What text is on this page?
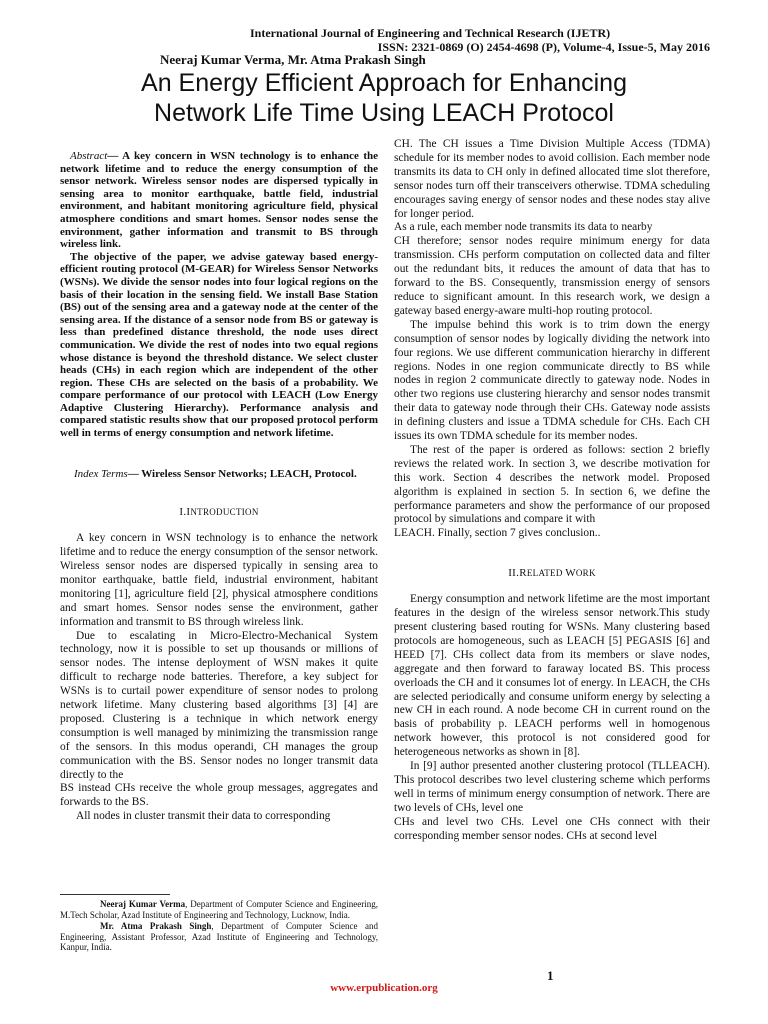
International Journal of Engineering and Technical Research (IJETR)
ISSN: 2321-0869 (O) 2454-4698 (P), Volume-4, Issue-5, May 2016
Neeraj Kumar Verma, Mr. Atma Prakash Singh
An Energy Efficient Approach for Enhancing
Network Life Time Using LEACH Protocol

Abstract— A key concern in WSN technology is to enhance the network lifetime and to reduce the energy consumption of the sensor network. Wireless sensor nodes are dispersed typically in sensing area to monitor earthquake, battle field, industrial environment, and habitant monitoring agriculture field, physical atmosphere conditions and smart homes. Sensor nodes sense the environment, gather information and transmit to BS through wireless link.

The objective of the paper, we advise gateway based energy-efficient routing protocol (M-GEAR) for Wireless Sensor Networks (WSNs). We divide the sensor nodes into four logical regions on the basis of their location in the sensing field. We install Base Station (BS) out of the sensing area and a gateway node at the center of the sensing area. If the distance of a sensor node from BS or gateway is less than predefined distance threshold, the node uses direct communication. We divide the rest of nodes into two equal regions whose distance is beyond the threshold distance. We select cluster heads (CHs) in each region which are independent of the other region. These CHs are selected on the basis of a probability. We compare performance of our protocol with LEACH (Low Energy Adaptive Clustering Hierarchy). Performance analysis and compared statistic results show that our proposed protocol perform well in terms of energy consumption and network lifetime.

Index Terms— Wireless Sensor Networks; LEACH, Protocol.

I.INTRODUCTION

A key concern in WSN technology is to enhance the network lifetime and to reduce the energy consumption of the sensor network. Wireless sensor nodes are dispersed typically in sensing area to monitor earthquake, battle field, industrial environment, habitant monitoring [1], agriculture field [2], physical atmosphere conditions and smart homes. Sensor nodes sense the environment, gather information and transmit to BS through wireless link.

Due to escalating in Micro-Electro-Mechanical System technology, now it is possible to set up thousands or millions of sensor nodes. The intense deployment of WSN makes it quite difficult to recharge node batteries. Therefore, a key subject for WSNs is to curtail power expenditure of sensor nodes to prolong network lifetime. Many clustering based algorithms [3] [4] are proposed. Clustering is a technique in which network energy consumption is well managed by minimizing the transmission range of the sensors. In this modus operandi, CH manages the group communication with the BS. Sensor nodes no longer transmit data directly to the

BS instead CHs receive the whole group messages, aggregates and forwards to the BS.

All nodes in cluster transmit their data to corresponding

Neeraj Kumar Verma, Department of Computer Science and Engineering, M.Tech Scholar, Azad Institute of Engineering and Technology, Lucknow, India.

Mr. Atma Prakash Singh, Department of Computer Science and Engineering, Assistant Professor, Azad Institute of Engineering and Technology, Kanpur, India.

CH. The CH issues a Time Division Multiple Access (TDMA) schedule for its member nodes to avoid collision. Each member node transmits its data to CH only in defined allocated time slot therefore, sensor nodes turn off their transceivers otherwise. TDMA scheduling encourages saving energy of sensor nodes and these nodes stay alive for longer period.

As a rule, each member node transmits its data to nearby

CH therefore; sensor nodes require minimum energy for data transmission. CHs perform computation on collected data and filter out the redundant bits, it reduces the amount of data that has to forward to the BS. Consequently, transmission energy of sensors reduce to significant amount. In this research work, we design a gateway based energy-aware multi-hop routing protocol.

The impulse behind this work is to trim down the energy consumption of sensor nodes by logically dividing the network into four regions. We use different communication hierarchy in different regions. Nodes in one region communicate directly to BS while nodes in region 2 communicate directly to gateway node. Nodes in other two regions use clustering hierarchy and sensor nodes transmit their data to gateway node through their CHs. Gateway node assists in defining clusters and issue a TDMA schedule for CHs. Each CH issues its own TDMA schedule for its member nodes.

The rest of the paper is ordered as follows: section 2 briefly reviews the related work. In section 3, we describe motivation for this work. Section 4 describes the network model. Proposed algorithm is explained in section 5. In section 6, we define the performance parameters and show the performance of our proposed protocol by simulations and compare it with

LEACH. Finally, section 7 gives conclusion..

II.RELATED WORK

Energy consumption and network lifetime are the most important features in the design of the wireless sensor network.This study present clustering based routing for WSNs. Many clustering based protocols are homogeneous, such as LEACH [5] PEGASIS [6] and HEED [7]. CHs collect data from its members or slave nodes, aggregate and then forward to faraway located BS. This process overloads the CH and it consumes lot of energy. In LEACH, the CHs are selected periodically and consume uniform energy by selecting a new CH in each round. A node become CH in current round on the basis of probability p. LEACH performs well in homogenous network however, this protocol is not considered good for heterogeneous networks as shown in [8].

In [9] author presented another clustering protocol (TLLEACH). This protocol describes two level clustering scheme which performs well in terms of minimum energy consumption of network. There are two levels of CHs, level one

CHs and level two CHs. Level one CHs connect with their corresponding member sensor nodes. CHs at second level

1
www.erpublication.org
